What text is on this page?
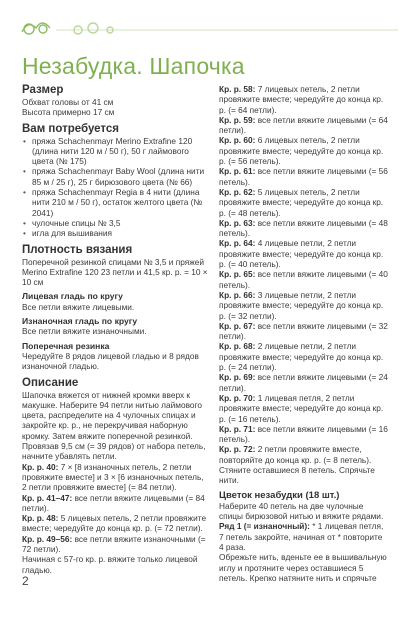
Незабудка. Шапочка
Размер
Обхват головы от 41 см
Высота примерно 17 см
Вам потребуется
• пряжа Schachenmayr Merino Extrafine 120 (длина нити 120 м / 50 г), 50 г лаймового цвета (№ 175)
• пряжа Schachenmayr Baby Wool (длина нити 85 м / 25 г), 25 г бирюзового цвета (№ 66)
• пряжа Schachenmayr Regia в 4 нити (длина нити 210 м / 50 г), остаток желтого цвета (№ 2041)
• чулочные спицы № 3,5
• игла для вышивания
Плотность вязания
Поперечной резинкой спицами № 3,5 и пряжей Merino Extrafine 120 23 петли и 41,5 кр. р. = 10 × 10 см
Лицевая гладь по кругу
Все петли вяжите лицевыми.
Изнаночная гладь по кругу
Все петли вяжите изнаночными.
Поперечная резинка
Чередуйте 8 рядов лицевой гладью и 8 рядов изнаночной гладью.
Описание
Шапочка вяжется от нижней кромки вверх к макушке. Наберите 94 петли нитью лаймового цвета, распределите на 4 чулочных спицах и закройте кр. р., не перекручивая наборную кромку. Затем вяжите поперечной резинкой. Провязав 9,5 см (= 39 рядов) от набора петель, начните убавлять петли.
Кр. р. 40: 7 × [8 изнаночных петель, 2 петли провяжите вместе] и 3 × [6 изнаночных петель, 2 петли провяжите вместе] (= 84 петли).
Кр. р. 41–47: все петли вяжите лицевыми (= 84 петли).
Кр. р. 48: 5 лицевых петель, 2 петли провяжите вместе; чередуйте до конца кр. р. (= 72 петли).
Кр. р. 49–56: все петли вяжите изнаночными (= 72 петли).
Начиная с 57-го кр. р. вяжите только лицевой гладью.
Кр. р. 58: 7 лицевых петель, 2 петли провяжите вместе; чередуйте до конца кр. р. (= 64 петли).
Кр. р. 59: все петли вяжите лицевыми (= 64 петли).
Кр. р. 60: 6 лицевых петель, 2 петли провяжите вместе; чередуйте до конца кр. р. (= 56 петель).
Кр. р. 61: все петли вяжите лицевыми (= 56 петель).
Кр. р. 62: 5 лицевых петель, 2 петли провяжите вместе; чередуйте до конца кр. р. (= 48 петель).
Кр. р. 63: все петли вяжите лицевыми (= 48 петель).
Кр. р. 64: 4 лицевые петли, 2 петли провяжите вместе; чередуйте до конца кр. р. (= 40 петель).
Кр. р. 65: все петли вяжите лицевыми (= 40 петель).
Кр. р. 66: 3 лицевые петли, 2 петли провяжите вместе; чередуйте до конца кр. р. (= 32 петли).
Кр. р. 67: все петли вяжите лицевыми (= 32 петли).
Кр. р. 68: 2 лицевые петли, 2 петли провяжите вместе; чередуйте до конца кр. р. (= 24 петли).
Кр. р. 69: все петли вяжите лицевыми (= 24 петли).
Кр. р. 70: 1 лицевая петля, 2 петли провяжите вместе; чередуйте до конца кр. р. (= 16 петель).
Кр. р. 71: все петли вяжите лицевыми (= 16 петель).
Кр. р. 72: 2 петли провяжите вместе, повторяйте до конца кр. р. (= 8 петель). Стяните оставшиеся 8 петель. Спрячьте нити.
Цветок незабудки (18 шт.)
Наберите 40 петель на две чулочные спицы бирюзовой нитью и вяжите рядами.
Ряд 1 (= изнаночный): * 1 лицевая петля, 7 петель закройте, начиная от * повторите 4 раза.
Обрежьте нить, вденьте ее в вышивальную иглу и протяните через оставшиеся 5 петель. Крепко натяните нить и спрячьте
2
